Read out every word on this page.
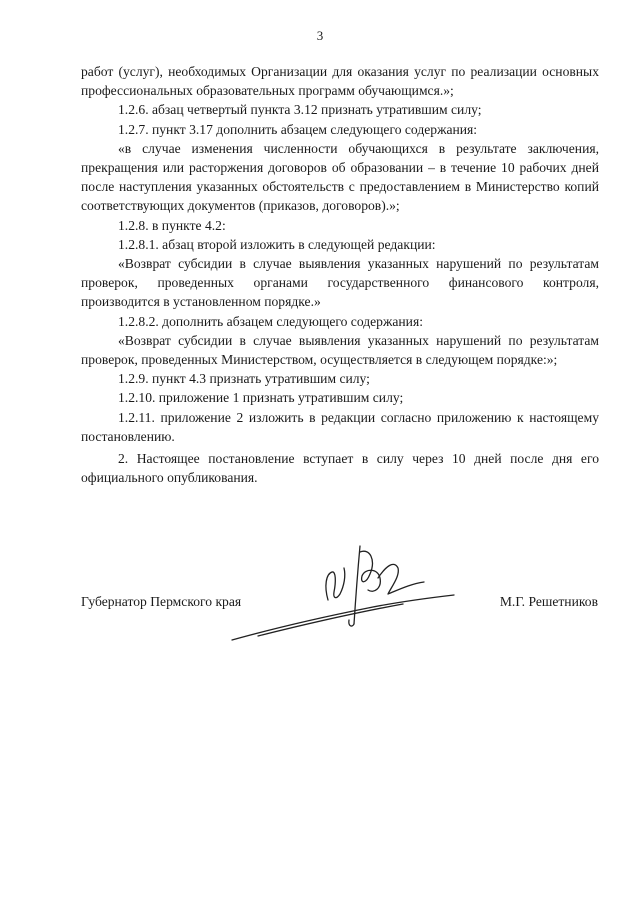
3

работ (услуг), необходимых Организации для оказания услуг по реализации основных профессиональных образовательных программ обучающимся.»;

1.2.6. абзац четвертый пункта 3.12 признать утратившим силу;

1.2.7. пункт 3.17 дополнить абзацем следующего содержания:

«в случае изменения численности обучающихся в результате заключения, прекращения или расторжения договоров об образовании – в течение 10 рабочих дней после наступления указанных обстоятельств с предоставлением в Министерство копий соответствующих документов (приказов, договоров).»;

1.2.8. в пункте 4.2:

1.2.8.1. абзац второй изложить в следующей редакции:

«Возврат субсидии в случае выявления указанных нарушений по результатам проверок, проведенных органами государственного финансового контроля, производится в установленном порядке.»

1.2.8.2. дополнить абзацем следующего содержания:

«Возврат субсидии в случае выявления указанных нарушений по результатам проверок, проведенных Министерством, осуществляется в следующем порядке:»;

1.2.9. пункт 4.3 признать утратившим силу;

1.2.10. приложение 1 признать утратившим силу;

1.2.11. приложение 2 изложить в редакции согласно приложению к настоящему постановлению.

2. Настоящее постановление вступает в силу через 10 дней после дня его официального опубликования.

Губернатор Пермского края	М.Г. Решетников
